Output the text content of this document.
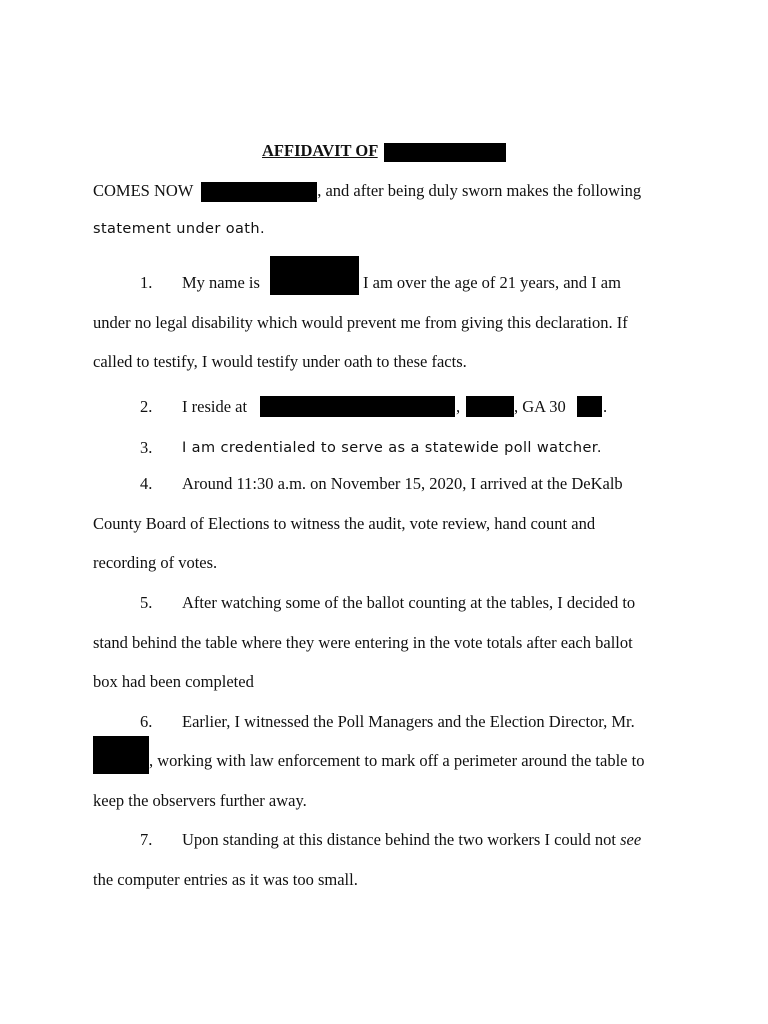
AFFIDAVIT OF
COMES NOW	, and after being duly sworn makes the following
statement under oath.
1. My name is	I am over the age of 21 years, and I am
under no legal disability which would prevent me from giving this declaration. If
called to testify, I would testify under oath to these facts.
2. I reside at	,	, GA 30 .
3. I am credentialed to serve as a statewide poll watcher.
4. Around 11:30 a.m. on November 15, 2020, I arrived at the DeKalb
County Board of Elections to witness the audit, vote review, hand count and
recording of votes.
5. After watching some of the ballot counting at the tables, I decided to
stand behind the table where they were entering in the vote totals after each ballot
box had been completed
6. Earlier, I witnessed the Poll Managers and the Election Director, Mr.
, working with law enforcement to mark off a perimeter around the table to
keep the observers further away.
7. Upon standing at this distance behind the two workers I could not see
the computer entries as it was too small.
